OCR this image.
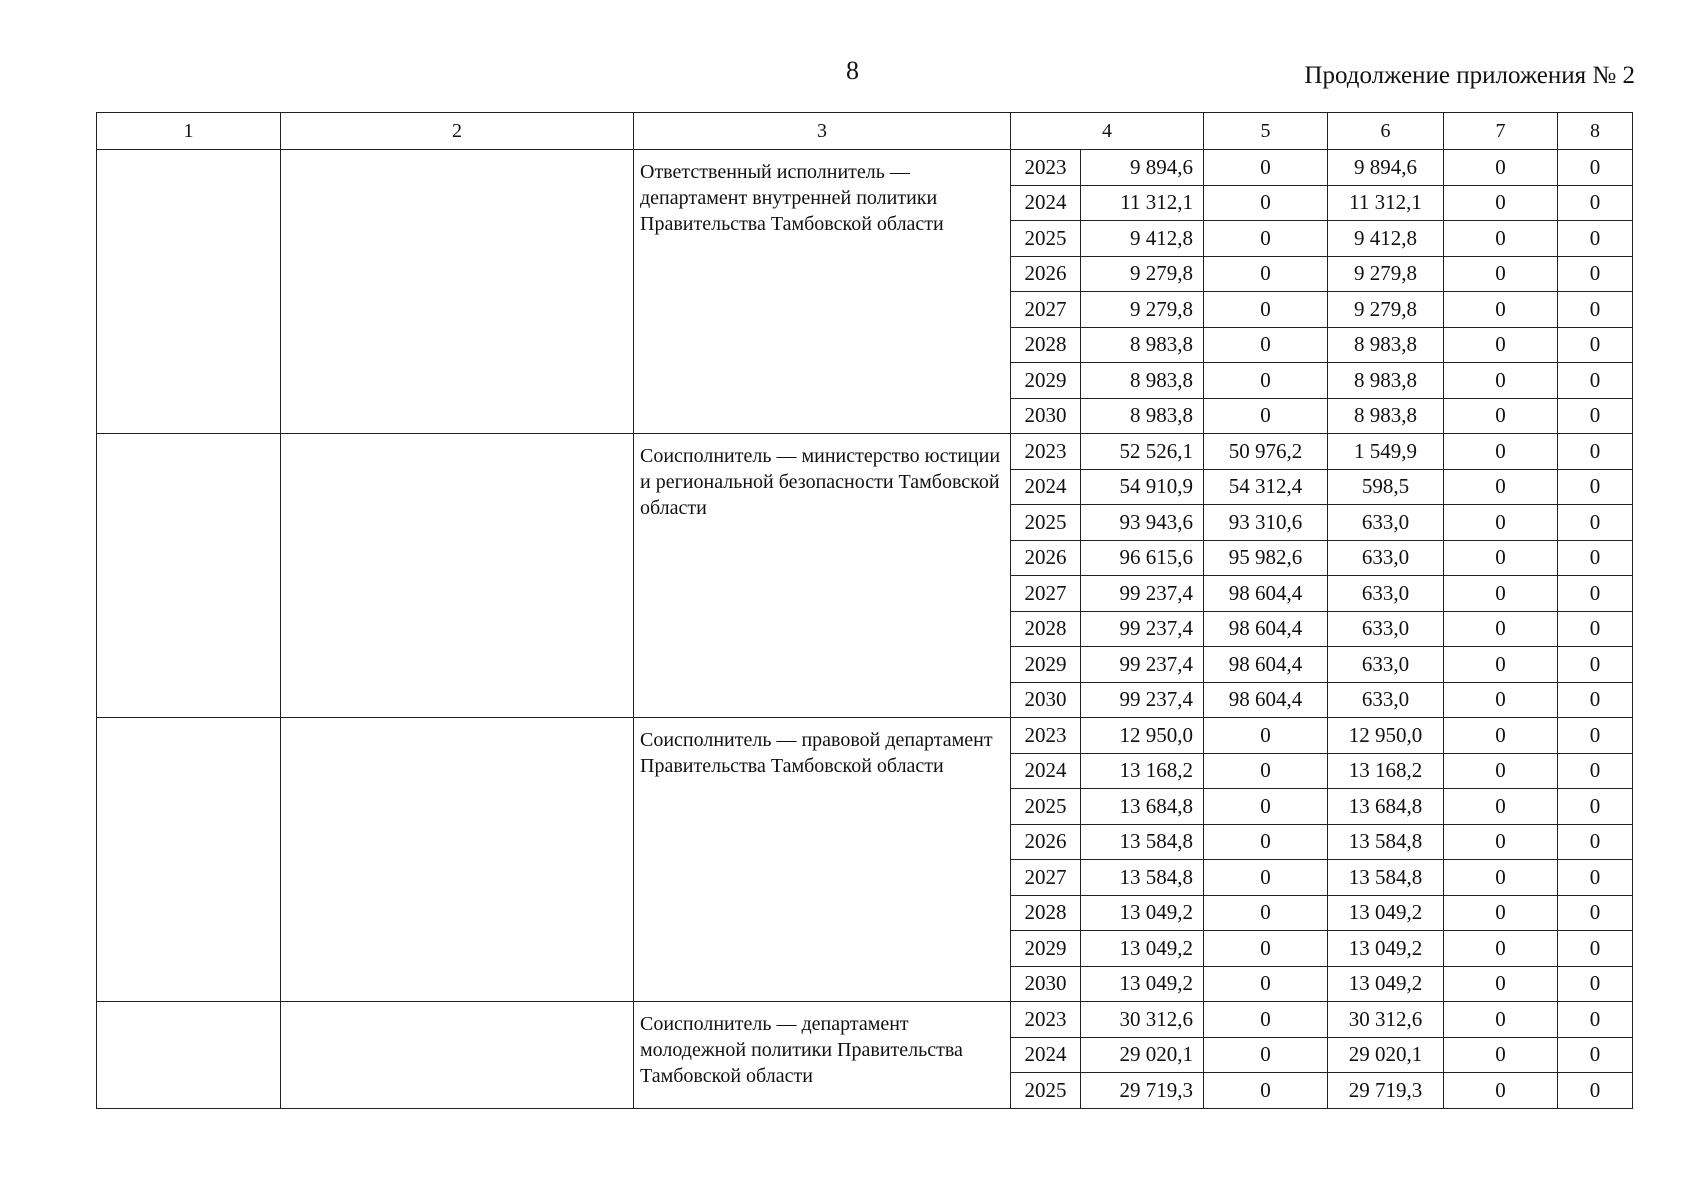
8	Продолжение приложения № 2
1	2	3	4		5	6	7	8
		Ответственный исполнитель — департамент внутренней политики Правительства Тамбовской области	2023	9 894,6	0	9 894,6	0	0
			2024	11 312,1	0	11 312,1	0	0
			2025	9 412,8	0	9 412,8	0	0
			2026	9 279,8	0	9 279,8	0	0
			2027	9 279,8	0	9 279,8	0	0
			2028	8 983,8	0	8 983,8	0	0
			2029	8 983,8	0	8 983,8	0	0
			2030	8 983,8	0	8 983,8	0	0
		Соисполнитель — министерство юстиции и региональной безопасности Тамбовской области	2023	52 526,1	50 976,2	1 549,9	0	0
			2024	54 910,9	54 312,4	598,5	0	0
			2025	93 943,6	93 310,6	633,0	0	0
			2026	96 615,6	95 982,6	633,0	0	0
			2027	99 237,4	98 604,4	633,0	0	0
			2028	99 237,4	98 604,4	633,0	0	0
			2029	99 237,4	98 604,4	633,0	0	0
			2030	99 237,4	98 604,4	633,0	0	0
		Соисполнитель — правовой департамент Правительства Тамбовской области	2023	12 950,0	0	12 950,0	0	0
			2024	13 168,2	0	13 168,2	0	0
			2025	13 684,8	0	13 684,8	0	0
			2026	13 584,8	0	13 584,8	0	0
			2027	13 584,8	0	13 584,8	0	0
			2028	13 049,2	0	13 049,2	0	0
			2029	13 049,2	0	13 049,2	0	0
			2030	13 049,2	0	13 049,2	0	0
		Соисполнитель — департамент молодежной политики Правительства Тамбовской области	2023	30 312,6	0	30 312,6	0	0
			2024	29 020,1	0	29 020,1	0	0
			2025	29 719,3	0	29 719,3	0	0
